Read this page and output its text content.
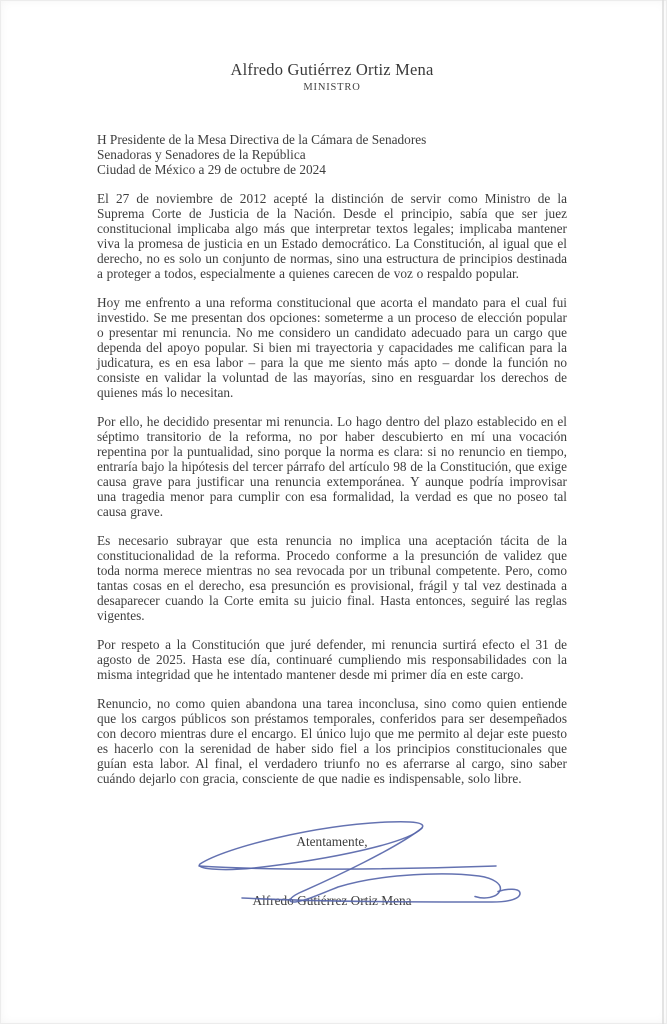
Alfredo Gutiérrez Ortiz Mena
MINISTRO
H Presidente de la Mesa Directiva de la Cámara de Senadores
Senadoras y Senadores de la República
Ciudad de México a 29 de octubre de 2024

El 27 de noviembre de 2012 acepté la distinción de servir como Ministro de la Suprema Corte de Justicia de la Nación. Desde el principio, sabía que ser juez constitucional implicaba algo más que interpretar textos legales; implicaba mantener viva la promesa de justicia en un Estado democrático. La Constitución, al igual que el derecho, no es solo un conjunto de normas, sino una estructura de principios destinada a proteger a todos, especialmente a quienes carecen de voz o respaldo popular.

Hoy me enfrento a una reforma constitucional que acorta el mandato para el cual fui investido. Se me presentan dos opciones: someterme a un proceso de elección popular o presentar mi renuncia. No me considero un candidato adecuado para un cargo que dependa del apoyo popular. Si bien mi trayectoria y capacidades me califican para la judicatura, es en esa labor – para la que me siento más apto – donde la función no consiste en validar la voluntad de las mayorías, sino en resguardar los derechos de quienes más lo necesitan.

Por ello, he decidido presentar mi renuncia. Lo hago dentro del plazo establecido en el séptimo transitorio de la reforma, no por haber descubierto en mí una vocación repentina por la puntualidad, sino porque la norma es clara: si no renuncio en tiempo, entraría bajo la hipótesis del tercer párrafo del artículo 98 de la Constitución, que exige causa grave para justificar una renuncia extemporánea. Y aunque podría improvisar una tragedia menor para cumplir con esa formalidad, la verdad es que no poseo tal causa grave.

Es necesario subrayar que esta renuncia no implica una aceptación tácita de la constitucionalidad de la reforma. Procedo conforme a la presunción de validez que toda norma merece mientras no sea revocada por un tribunal competente. Pero, como tantas cosas en el derecho, esa presunción es provisional, frágil y tal vez destinada a desaparecer cuando la Corte emita su juicio final. Hasta entonces, seguiré las reglas vigentes.

Por respeto a la Constitución que juré defender, mi renuncia surtirá efecto el 31 de agosto de 2025. Hasta ese día, continuaré cumpliendo mis responsabilidades con la misma integridad que he intentado mantener desde mi primer día en este cargo.

Renuncio, no como quien abandona una tarea inconclusa, sino como quien entiende que los cargos públicos son préstamos temporales, conferidos para ser desempeñados con decoro mientras dure el encargo. El único lujo que me permito al dejar este puesto es hacerlo con la serenidad de haber sido fiel a los principios constitucionales que guían esta labor. Al final, el verdadero triunfo no es aferrarse al cargo, sino saber cuándo dejarlo con gracia, consciente de que nadie es indispensable, solo libre.

Atentamente,
Alfredo Gutiérrez Ortiz Mena
